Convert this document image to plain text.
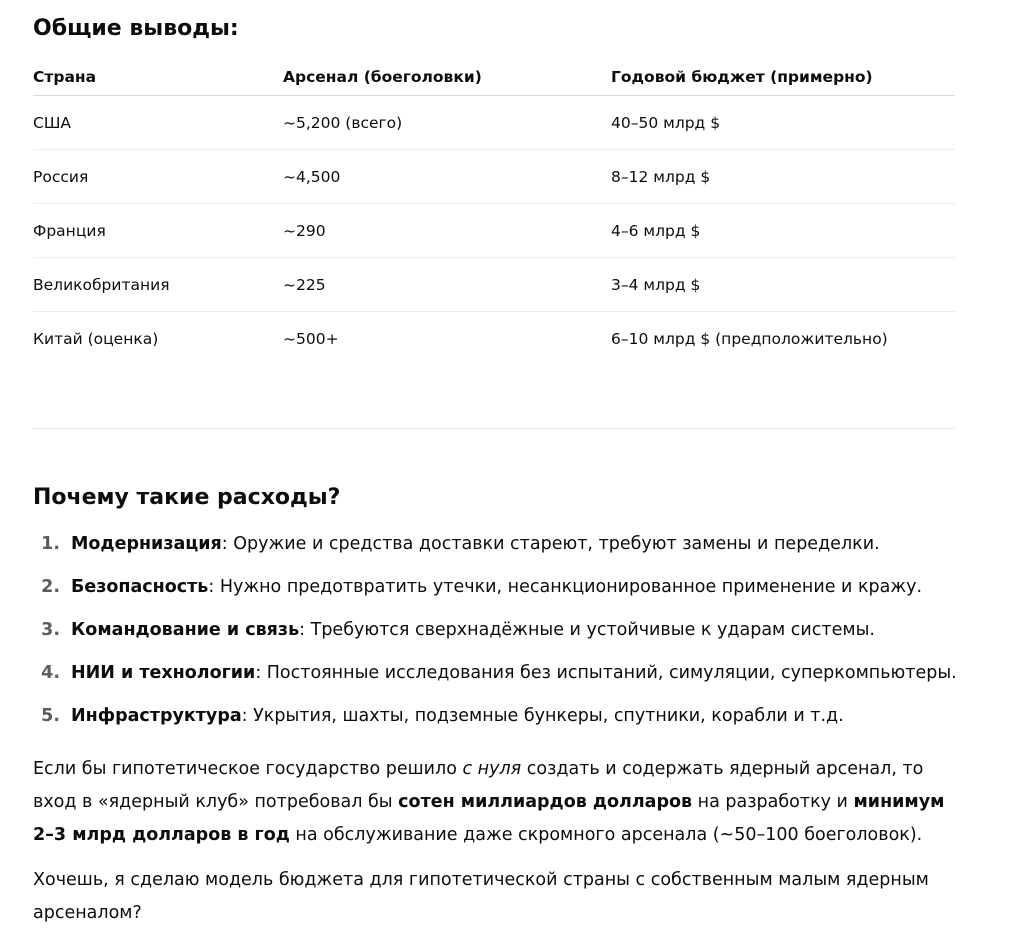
Общие выводы:
Страна	Арсенал (боеголовки)	Годовой бюджет (примерно)
США	~5,200 (всего)	40–50 млрд $
Россия	~4,500	8–12 млрд $
Франция	~290	4–6 млрд $
Великобритания	~225	3–4 млрд $
Китай (оценка)	~500+	6–10 млрд $ (предположительно)
Почему такие расходы?
1. Модернизация: Оружие и средства доставки стареют, требуют замены и переделки.
2. Безопасность: Нужно предотвратить утечки, несанкционированное применение и кражу.
3. Командование и связь: Требуются сверхнадёжные и устойчивые к ударам системы.
4. НИИ и технологии: Постоянные исследования без испытаний, симуляции, суперкомпьютеры.
5. Инфраструктура: Укрытия, шахты, подземные бункеры, спутники, корабли и т.д.

Если бы гипотетическое государство решило с нуля создать и содержать ядерный арсенал, то вход в «ядерный клуб» потребовал бы сотен миллиардов долларов на разработку и минимум 2–3 млрд долларов в год на обслуживание даже скромного арсенала (~50–100 боеголовок).

Хочешь, я сделаю модель бюджета для гипотетической страны с собственным малым ядерным арсеналом?
